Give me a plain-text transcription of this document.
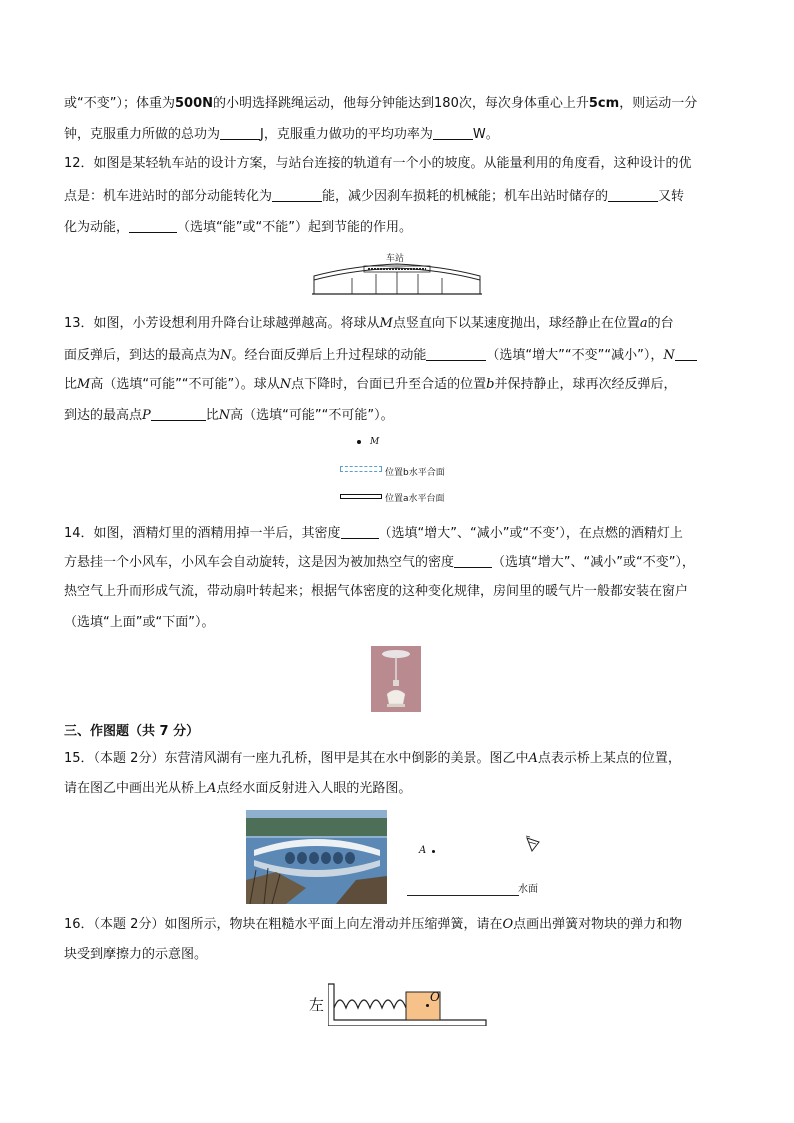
或“不变”）；体重为500N的小明选择跳绳运动，他每分钟能达到180次，每次身体重心上升5cm，则运动一分
钟，克服重力所做的总功为	J，克服重力做功的平均功率为	W。
12．如图是某轻轨车站的设计方案，与站台连接的轨道有一个小的坡度。从能量利用的角度看，这种设计的优
点是：机车进站时的部分动能转化为	能，减少因刹车损耗的机械能；机车出站时储存的	又转
化为动能，	（选填“能”或“不能”）起到节能的作用。
车站
13．如图，小芳设想利用升降台让球越弹越高。将球从M点竖直向下以某速度抛出，球经静止在位置a的台
面反弹后，到达的最高点为N。经台面反弹后上升过程球的动能	（选填“增大”“不变”“减小”），N
比M高（选填“可能”“不可能”）。球从N点下降时，台面已升至合适的位置b并保持静止，球再次经反弹后，
到达的最高点P	比N高（选填“可能”“不可能”）。
M
位置b水平合面
位置a水平台面
14．如图，酒精灯里的酒精用掉一半后，其密度	（选填“增大”、“减小”或“不变’），在点燃的酒精灯上
方悬挂一个小风车，小风车会自动旋转，这是因为被加热空气的密度	（选填“增大”、“减小”或“不变”），
热空气上升而形成气流，带动扇叶转起来；根据气体密度的这种变化规律，房间里的暖气片一般都安装在窗户
（选填“上面”或“下面”）。
三、作图题（共 7 分）
15．（本题 2分）东营清风湖有一座九孔桥，图甲是其在水中倒影的美景。图乙中A点表示桥上某点的位置，
请在图乙中画出光从桥上A点经水面反射进入人眼的光路图。
A
水面
16．（本题 2分）如图所示，物块在粗糙水平面上向左滑动并压缩弹簧，请在O点画出弹簧对物块的弹力和物
块受到摩擦力的示意图。
左	O
